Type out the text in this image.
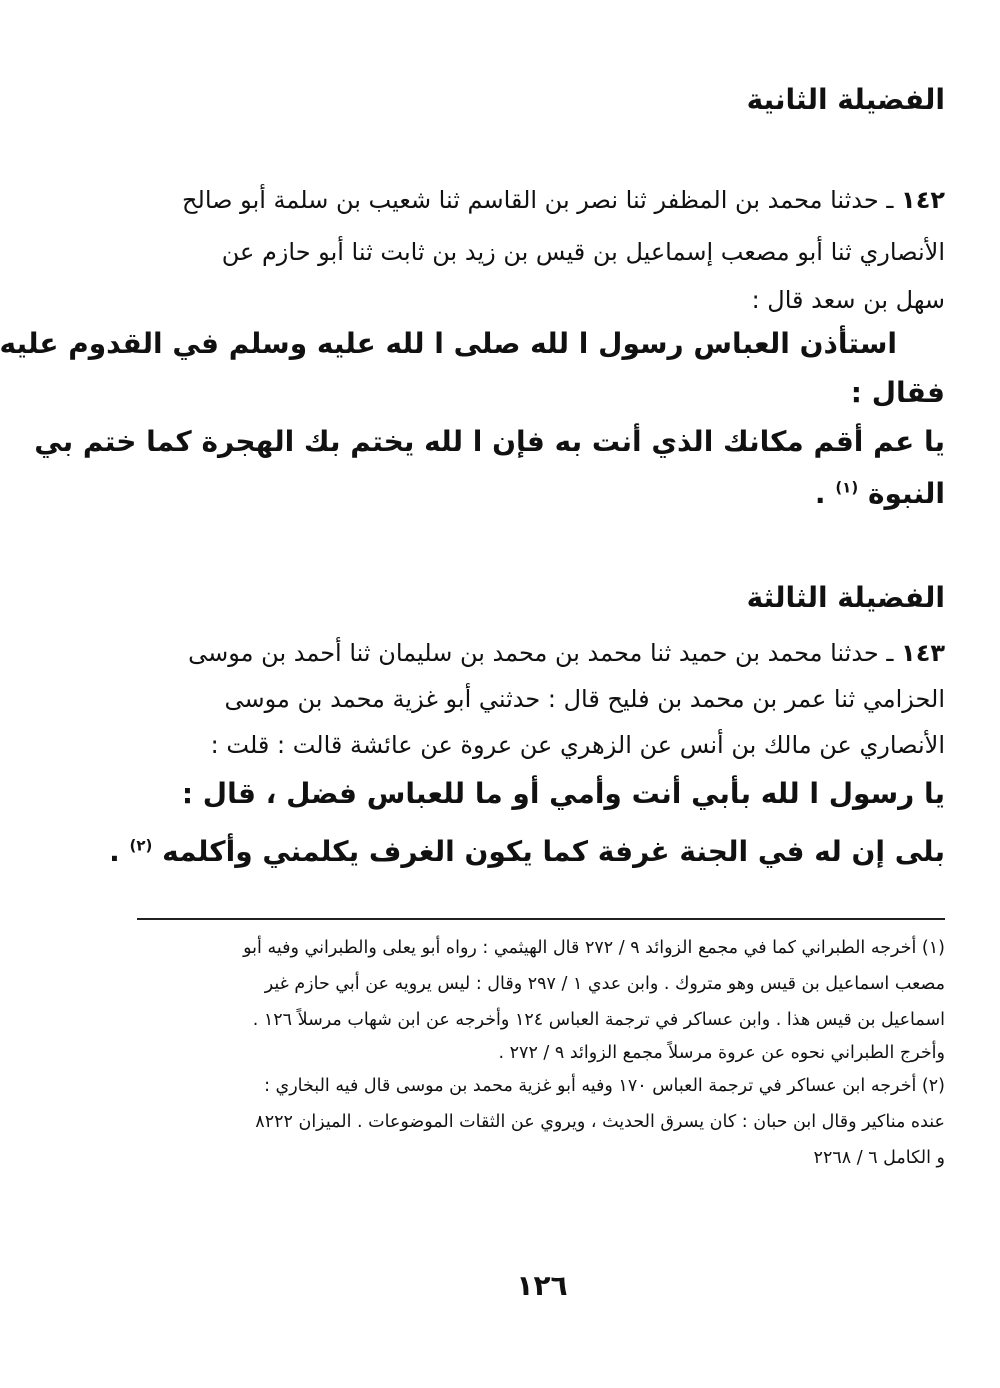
الفضيلة الثانية
١٤٢ ـ حدثنا محمد بن المظفر ثنا نصر بن القاسم ثنا شعيب بن سلمة أبو صالح
الأنصاري ثنا أبو مصعب إسماعيل بن قيس بن زيد بن ثابت ثنا أبو حازم عن
سهل بن سعد قال :
استأذن العباس رسول ا لله صلى ا لله عليه وسلم في القدوم عليه
فقال :
يا عم أقم مكانك الذي أنت به فإن ا لله يختم بك الهجرة كما ختم بي
النبوة $^{(١)}$ .
الفضيلة الثالثة
١٤٣ ـ حدثنا محمد بن حميد ثنا محمد بن محمد بن سليمان ثنا أحمد بن موسى
الحزامي ثنا عمر بن محمد بن فليح قال : حدثني أبو غزية محمد بن موسى
الأنصاري عن مالك بن أنس عن الزهري عن عروة عن عائشة قالت : قلت :
يا رسول ا لله بأبي أنت وأمي أو ما للعباس فضل ، قال :
بلى إن له في الجنة غرفة كما يكون الغرف يكلمني وأكلمه $^{(٢)}$ .
(١) أخرجه الطبراني كما في مجمع الزوائد ٩ / ٢٧٢ قال الهيثمي : رواه أبو يعلى والطبراني وفيه أبو
مصعب اسماعيل بن قيس وهو متروك . وابن عدي ١ / ٢٩٧ وقال : ليس يرويه عن أبي حازم غير
اسماعيل بن قيس هذا . وابن عساكر في ترجمة العباس ١٢٤ وأخرجه عن ابن شهاب مرسلاً ١٢٦ .
وأخرج الطبراني نحوه عن عروة مرسلاً مجمع الزوائد ٩ / ٢٧٢ .
(٢) أخرجه ابن عساكر في ترجمة العباس ١٧٠ وفيه أبو غزية محمد بن موسى قال فيه البخاري :
عنده مناكير وقال ابن حبان : كان يسرق الحديث ، ويروي عن الثقات الموضوعات . الميزان ٨٢٢٢
و الكامل ٦ / ٢٢٦٨
١٢٦
